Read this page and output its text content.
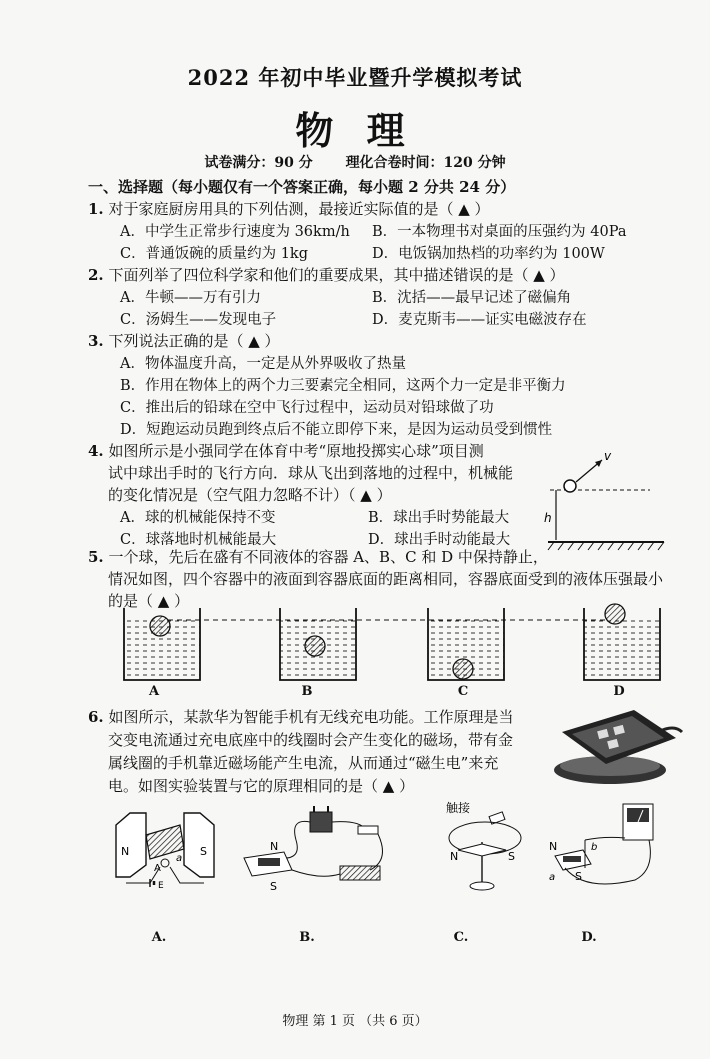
2022 年初中毕业暨升学模拟考试
物 理
试卷满分：90 分 理化合卷时间：120 分钟
一、选择题（每小题仅有一个答案正确，每小题 2 分共 24 分）
1. 对于家庭厨房用具的下列估测，最接近实际值的是（ ▲ ）
A．中学生正常步行速度为 36km/h B．一本物理书对桌面的压强约为 40Pa
C．普通饭碗的质量约为 1kg	D．电饭锅加热档的功率约为 100W
2. 下面列举了四位科学家和他们的重要成果，其中描述错误的是（ ▲ ）
A．牛顿——万有引力	B．沈括——最早记述了磁偏角
C．汤姆生——发现电子	D．麦克斯韦——证实电磁波存在
3. 下列说法正确的是（ ▲ ）
A．物体温度升高，一定是从外界吸收了热量
B．作用在物体上的两个力三要素完全相同，这两个力一定是非平衡力
C．推出后的铅球在空中飞行过程中，运动员对铅球做了功
D．短跑运动员跑到终点后不能立即停下来，是因为运动员受到惯性
4. 如图所示是小强同学在体育中考“原地投掷实心球”项目测
试中球出手时的飞行方向．球从飞出到落地的过程中，机械能
的变化情况是（空气阻力忽略不计）（ ▲ ）
A．球的机械能保持不变	B．球出手时势能最大
C．球落地时机械能最大	D．球出手时动能最大
v
h
5. 一个球，先后在盛有不同液体的容器 A、B、C 和 D 中保持静止，
情况如图，四个容器中的液面到容器底面的距离相同，容器底面受到的液体压强最小
的是（ ▲ ）
A	B	C	D
6. 如图所示，某款华为智能手机有无线充电功能。工作原理是当
交变电流通过充电底座中的线圈时会产生变化的磁场，带有金
属线圈的手机靠近磁场能产生电流，从而通过“磁生电”来充
电。如图实验装置与它的原理相同的是（ ▲ ）
N	S
a
A
E
N
S
触接
N	S
N
S
a
b
A.	B.	C.	D.
物理 第 1 页 （共 6 页）
